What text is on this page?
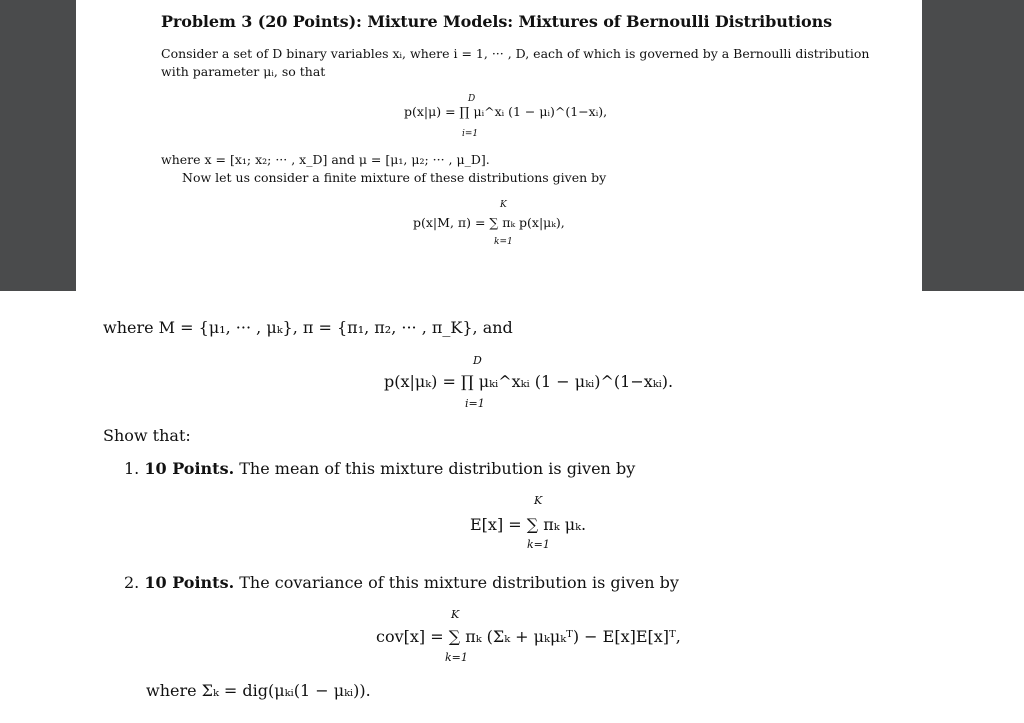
Problem 3 (20 Points): Mixture Models: Mixtures of Bernoulli Distributions
Consider a set of D binary variables xᵢ, where i = 1, ··· , D, each of which is governed by a Bernoulli distribution
with parameter μᵢ, so that
p(x|μ) = ∏ μᵢ^xᵢ (1 − μᵢ)^(1−xᵢ),
D
i=1
where x = [x₁; x₂; ··· , x_D] and μ = [μ₁, μ₂; ··· , μ_D].
Now let us consider a finite mixture of these distributions given by
p(x|M, π) = ∑ πₖ p(x|μₖ),
K
k=1
where M = {μ₁, ··· , μₖ}, π = {π₁, π₂, ··· , π_K}, and
p(x|μₖ) = ∏ μₖᵢ^xₖᵢ (1 − μₖᵢ)^(1−xₖᵢ).
D
i=1
Show that:
1. 10 Points. The mean of this mixture distribution is given by
E[x] = ∑ πₖ μₖ.
K
k=1
2. 10 Points. The covariance of this mixture distribution is given by
cov[x] = ∑ πₖ (Σₖ + μₖμₖᵀ) − E[x]E[x]ᵀ,
K
k=1
where Σₖ = dig(μₖᵢ(1 − μₖᵢ)).
